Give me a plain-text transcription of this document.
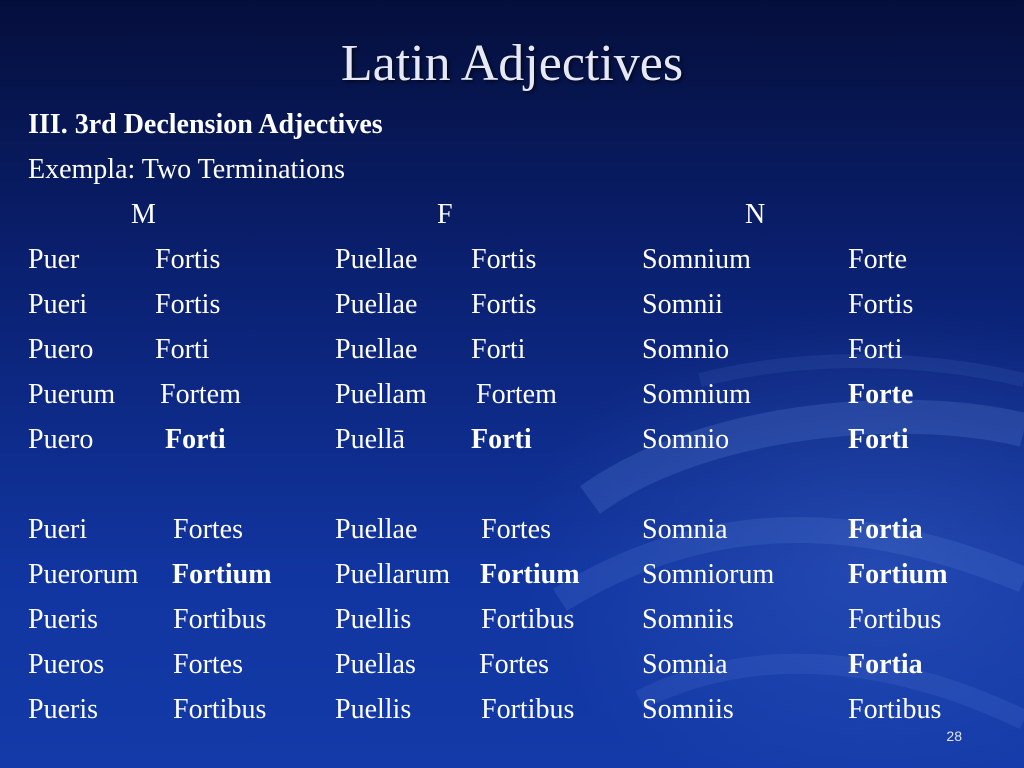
Latin Adjectives
III. 3rd Declension Adjectives
Exempla: Two Terminations
M	F	N
Puer	Fortis	Puellae Fortis	Somnium	Forte
Pueri Fortis	Puellae Fortis	Somnii	Fortis
Puero Forti	Puellae Forti	Somnio	Forti
Puerum Fortem	Puellam Fortem	Somnium	Forte
Puero	Forti	Puellā Forti	Somnio	Forti
Pueri	Fortes	Puellae Fortes	Somnia	Fortia
Puerorum Fortium Puellarum Fortium Somniorum	Fortium
Pueris	Fortibus Puellis Fortibus Somniis	Fortibus
Pueros Fortes	Puellas Fortes	Somnia	Fortia
Pueris	Fortibus Puellis Fortibus Somniis	Fortibus
28
